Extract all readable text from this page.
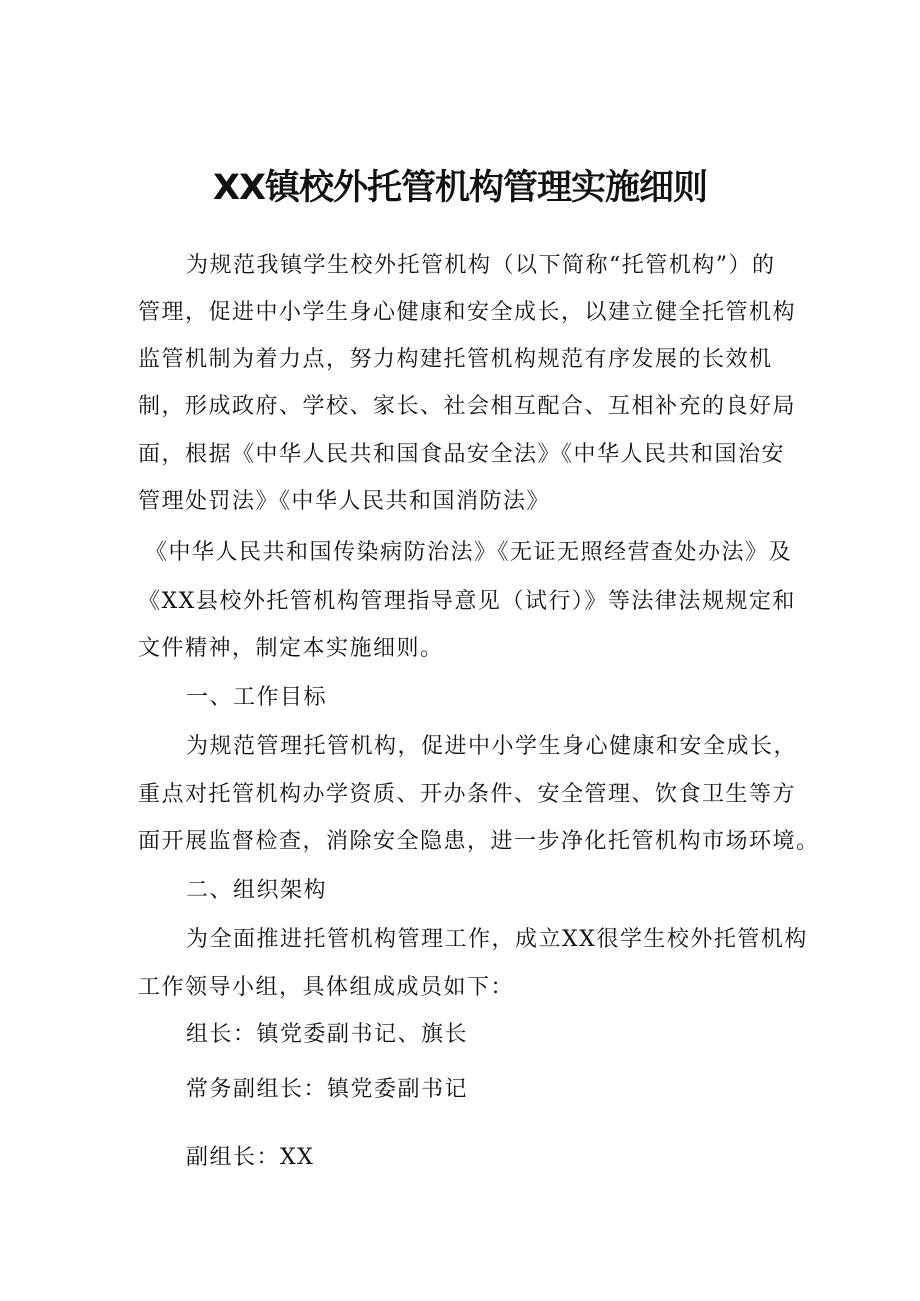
XX镇校外托管机构管理实施细则
为规范我镇学生校外托管机构（以下简称“托管机构”）的
管理，促进中小学生身心健康和安全成长，以建立健全托管机构
监管机制为着力点，努力构建托管机构规范有序发展的长效机
制，形成政府、学校、家长、社会相互配合、互相补充的良好局
面，根据《中华人民共和国食品安全法》《中华人民共和国治安
管理处罚法》《中华人民共和国消防法》
《中华人民共和国传染病防治法》《无证无照经营查处办法》及
《XX县校外托管机构管理指导意见（试行）》等法律法规规定和
文件精神，制定本实施细则。
一、工作目标
为规范管理托管机构，促进中小学生身心健康和安全成长，
重点对托管机构办学资质、开办条件、安全管理、饮食卫生等方
面开展监督检查，消除安全隐患，进一步净化托管机构市场环境。
二、组织架构
为全面推进托管机构管理工作，成立XX很学生校外托管机构
工作领导小组，具体组成成员如下：
组长：镇党委副书记、旗长
常务副组长：镇党委副书记
副组长：XX
